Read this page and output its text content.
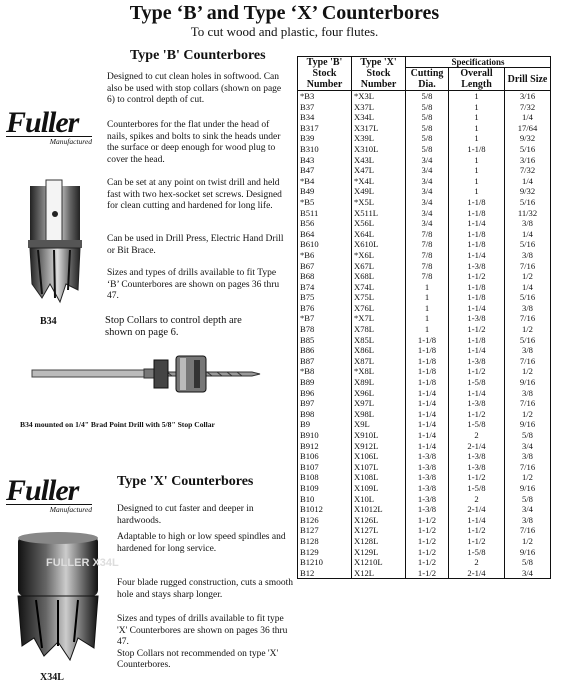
Type ‘B’ and Type ‘X’ Counterbores
To cut wood and plastic, four flutes.
Type 'B' Counterbores
Fuller
Manufactured
B34
Designed to cut clean holes in softwood. Can also be used with stop collars (shown on page 6) to control depth of cut.
Counterbores for the flat under the head of nails, spikes and bolts to sink the heads under the surface or deep enough for wood plug to cover the head.
Can be set at any point on twist drill and held fast with two hex-socket set screws. Designed for clean cutting and hardened for long life.
Can be used in Drill Press, Electric Hand Drill or Bit Brace.
Sizes and types of drills available to fit Type ‘B’ Counterbores are shown on pages 36 thru 47.
Stop Collars to control depth are shown on page 6.
B34 mounted on 1/4" Brad Point Drill with 5/8" Stop Collar
Fuller
Manufactured
FULLER X34L
X34L
Type 'X' Counterbores
Designed to cut faster and deeper in hardwoods.
Adaptable to high or low speed spindles and hardened for long service.
Four blade rugged construction, cuts a smooth hole and stays sharp longer.
Sizes and types of drills available to fit type 'X' Counterbores are shown on pages 36 thru 47.
Stop Collars not recommended on type 'X' Counterbores.
Type 'B' Stock Number	Type 'X' Stock Number	Specifications		
		Cutting Dia.	Overall Length	Drill Size
*B3	*X3L	5/8	1	3/16
B37	X37L	5/8	1	7/32
B34	X34L	5/8	1	1/4
B317	X317L	5/8	1	17/64
B39	X39L	5/8	1	9/32
B310	X310L	5/8	1-1/8	5/16
B43	X43L	3/4	1	3/16
B47	X47L	3/4	1	7/32
*B4	*X4L	3/4	1	1/4
B49	X49L	3/4	1	9/32
*B5	*X5L	3/4	1-1/8	5/16
B511	X511L	3/4	1-1/8	11/32
B56	X56L	3/4	1-1/4	3/8
B64	X64L	7/8	1-1/8	1/4
B610	X610L	7/8	1-1/8	5/16
*B6	*X6L	7/8	1-1/4	3/8
B67	X67L	7/8	1-3/8	7/16
B68	X68L	7/8	1-1/2	1/2
B74	X74L	1	1-1/8	1/4
B75	X75L	1	1-1/8	5/16
B76	X76L	1	1-1/4	3/8
*B7	*X7L	1	1-3/8	7/16
B78	X78L	1	1-1/2	1/2
B85	X85L	1-1/8	1-1/8	5/16
B86	X86L	1-1/8	1-1/4	3/8
B87	X87L	1-1/8	1-3/8	7/16
*B8	*X8L	1-1/8	1-1/2	1/2
B89	X89L	1-1/8	1-5/8	9/16
B96	X96L	1-1/4	1-1/4	3/8
B97	X97L	1-1/4	1-3/8	7/16
B98	X98L	1-1/4	1-1/2	1/2
B9	X9L	1-1/4	1-5/8	9/16
B910	X910L	1-1/4	2	5/8
B912	X912L	1-1/4	2-1/4	3/4
B106	X106L	1-3/8	1-3/8	3/8
B107	X107L	1-3/8	1-3/8	7/16
B108	X108L	1-3/8	1-1/2	1/2
B109	X109L	1-3/8	1-5/8	9/16
B10	X10L	1-3/8	2	5/8
B1012	X1012L	1-3/8	2-1/4	3/4
B126	X126L	1-1/2	1-1/4	3/8
B127	X127L	1-1/2	1-1/2	7/16
B128	X128L	1-1/2	1-1/2	1/2
B129	X129L	1-1/2	1-5/8	9/16
B1210	X1210L	1-1/2	2	5/8
B12	X12L	1-1/2	2-1/4	3/4
